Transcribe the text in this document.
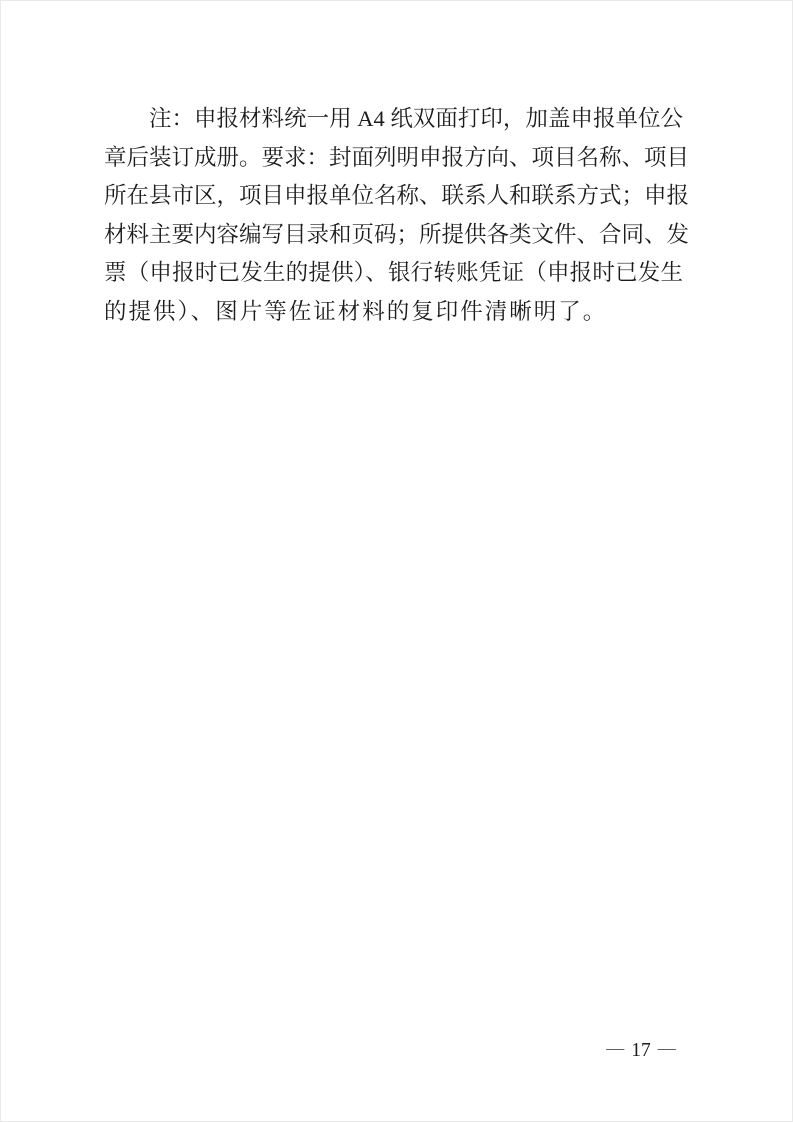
注：申报材料统一用 A4 纸双面打印，加盖申报单位公
章后装订成册。要求：封面列明申报方向、项目名称、项目
所在县市区，项目申报单位名称、联系人和联系方式；申报
材料主要内容编写目录和页码；所提供各类文件、合同、发
票（申报时已发生的提供）、银行转账凭证（申报时已发生
的提供）、图片等佐证材料的复印件清晰明了。
— 17 —
